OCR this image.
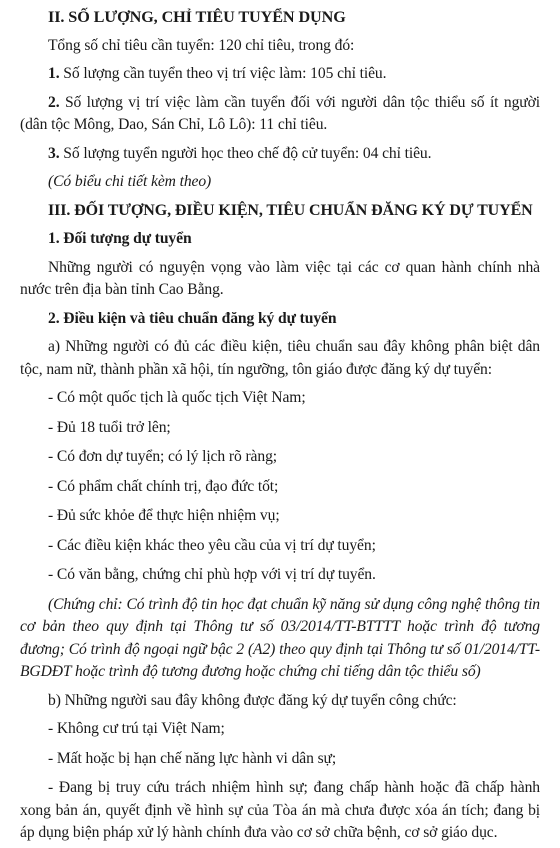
II. SỐ LƯỢNG, CHỈ TIÊU TUYỂN DỤNG
Tổng số chỉ tiêu cần tuyển: 120 chỉ tiêu, trong đó:
1. Số lượng cần tuyển theo vị trí việc làm: 105 chỉ tiêu.
2. Số lượng vị trí việc làm cần tuyển đối với người dân tộc thiểu số ít người (dân tộc Mông, Dao, Sán Chỉ, Lô Lô): 11 chỉ tiêu.
3. Số lượng tuyển người học theo chế độ cử tuyển: 04 chỉ tiêu.
(Có biểu chi tiết kèm theo)
III. ĐỐI TƯỢNG, ĐIỀU KIỆN, TIÊU CHUẨN ĐĂNG KÝ DỰ TUYỂN
1. Đối tượng dự tuyển
Những người có nguyện vọng vào làm việc tại các cơ quan hành chính nhà nước trên địa bàn tỉnh Cao Bằng.
2. Điều kiện và tiêu chuẩn đăng ký dự tuyển
a) Những người có đủ các điều kiện, tiêu chuẩn sau đây không phân biệt dân tộc, nam nữ, thành phần xã hội, tín ngưỡng, tôn giáo được đăng ký dự tuyển:
- Có một quốc tịch là quốc tịch Việt Nam;
- Đủ 18 tuổi trở lên;
- Có đơn dự tuyển; có lý lịch rõ ràng;
- Có phẩm chất chính trị, đạo đức tốt;
- Đủ sức khỏe để thực hiện nhiệm vụ;
- Các điều kiện khác theo yêu cầu của vị trí dự tuyển;
- Có văn bằng, chứng chỉ phù hợp với vị trí dự tuyển.
(Chứng chỉ: Có trình độ tin học đạt chuẩn kỹ năng sử dụng công nghệ thông tin cơ bản theo quy định tại Thông tư số 03/2014/TT-BTTTT hoặc trình độ tương đương; Có trình độ ngoại ngữ bậc 2 (A2) theo quy định tại Thông tư số 01/2014/TT-BGDĐT hoặc trình độ tương đương hoặc chứng chỉ tiếng dân tộc thiểu số)
b) Những người sau đây không được đăng ký dự tuyển công chức:
- Không cư trú tại Việt Nam;
- Mất hoặc bị hạn chế năng lực hành vi dân sự;
- Đang bị truy cứu trách nhiệm hình sự; đang chấp hành hoặc đã chấp hành xong bản án, quyết định về hình sự của Tòa án mà chưa được xóa án tích; đang bị áp dụng biện pháp xử lý hành chính đưa vào cơ sở chữa bệnh, cơ sở giáo dục.
